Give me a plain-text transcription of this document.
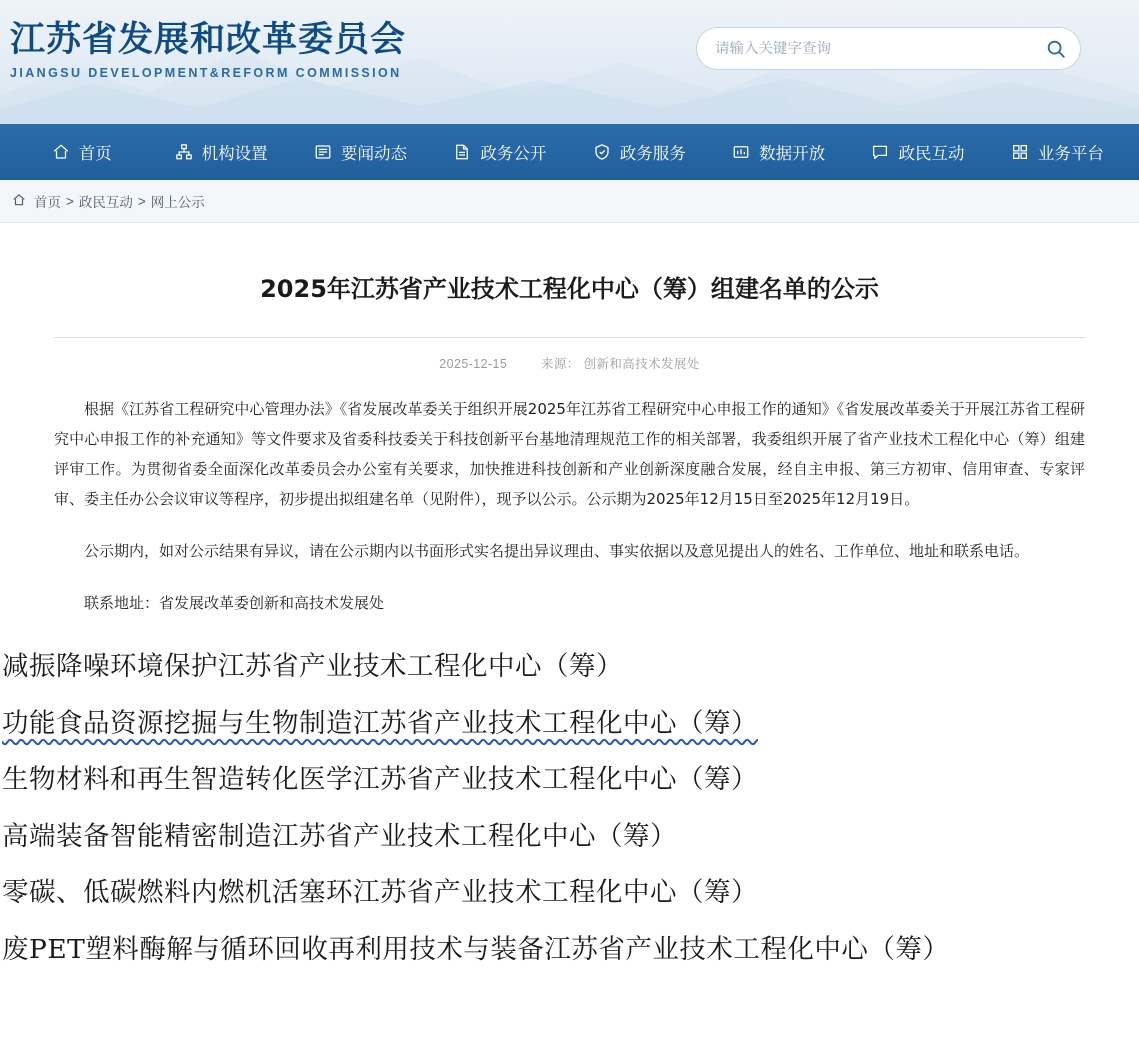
江苏省发展和改革委员会
JIANGSU DEVELOPMENT&REFORM COMMISSION
请输入关键字查询
首页	机构设置	要闻动态	政务公开	政务服务	数据开放	政民互动	业务平台
首页 > 政民互动 > 网上公示
2025年江苏省产业技术工程化中心（筹）组建名单的公示
2025-12-15	来源： 创新和高技术发展处

根据《江苏省工程研究中心管理办法》《省发展改革委关于组织开展2025年江苏省工程研究中心申报工作的通知》《省发展改革委关于开展江苏省工程研究中心申报工作的补充通知》等文件要求及省委科技委关于科技创新平台基地清理规范工作的相关部署，我委组织开展了省产业技术工程化中心（筹）组建评审工作。为贯彻省委全面深化改革委员会办公室有关要求，加快推进科技创新和产业创新深度融合发展，经自主申报、第三方初审、信用审查、专家评审、委主任办公会议审议等程序，初步提出拟组建名单（见附件），现予以公示。公示期为2025年12月15日至2025年12月19日。

公示期内，如对公示结果有异议，请在公示期内以书面形式实名提出异议理由、事实依据以及意见提出人的姓名、工作单位、地址和联系电话。

联系地址：省发展改革委创新和高技术发展处

减振降噪环境保护江苏省产业技术工程化中心（筹）
功能食品资源挖掘与生物制造江苏省产业技术工程化中心（筹）
生物材料和再生智造转化医学江苏省产业技术工程化中心（筹）
高端装备智能精密制造江苏省产业技术工程化中心（筹）
零碳、低碳燃料内燃机活塞环江苏省产业技术工程化中心（筹）
废PET塑料酶解与循环回收再利用技术与装备江苏省产业技术工程化中心（筹）
